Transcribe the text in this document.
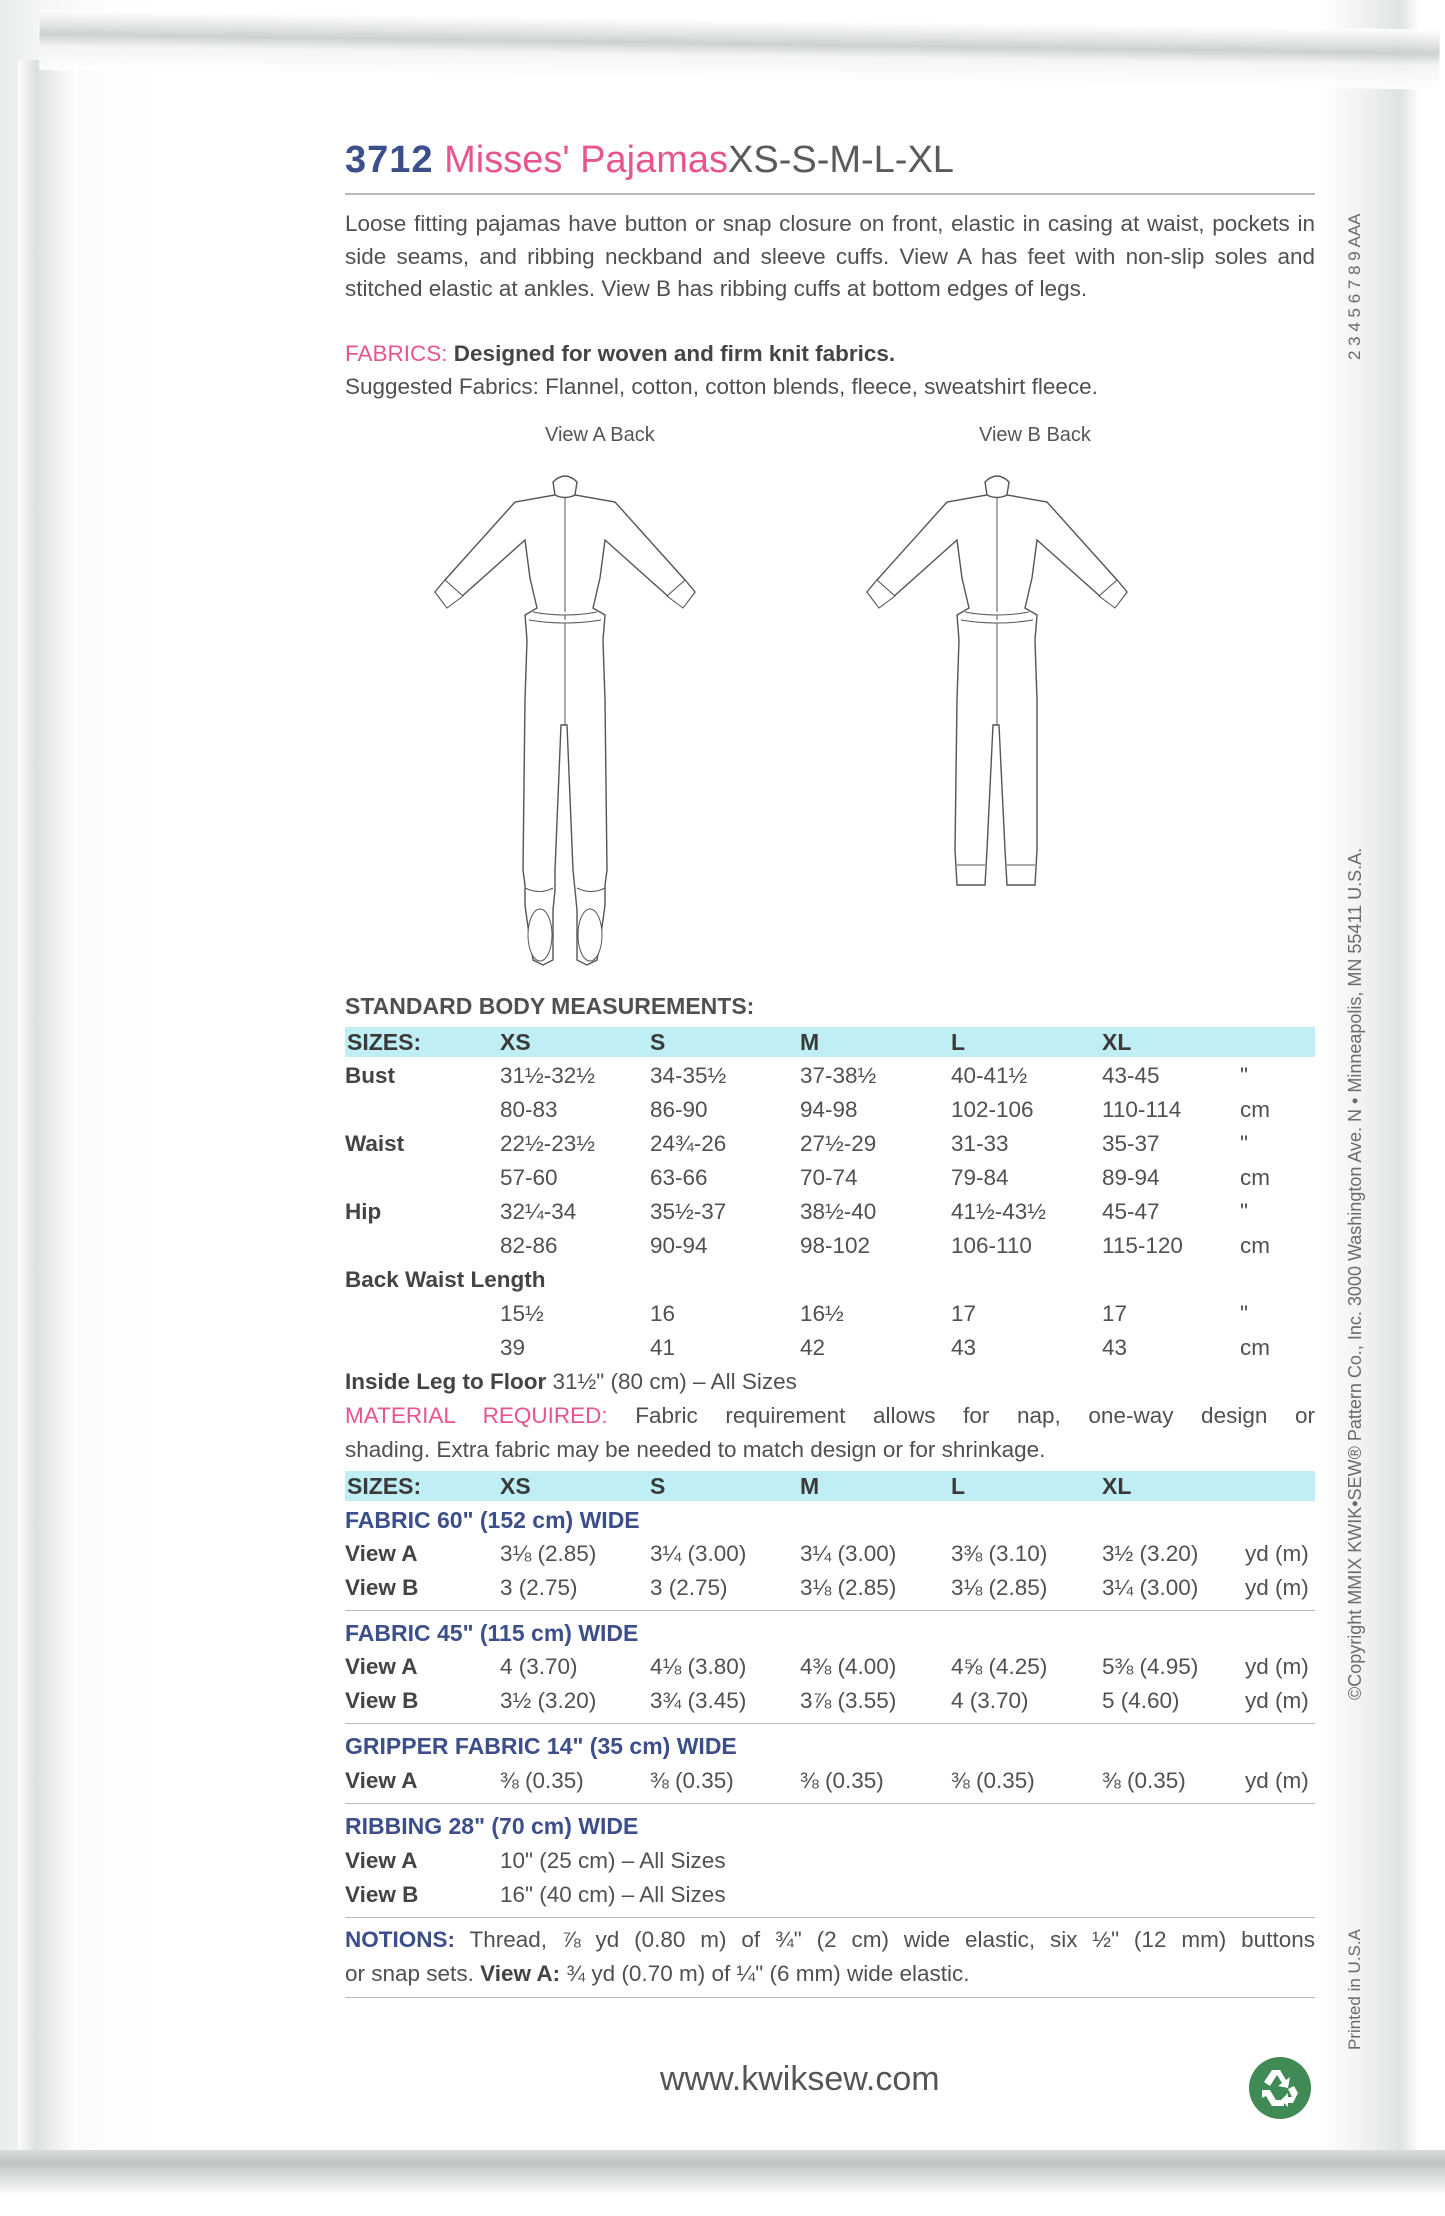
3712 Misses' PajamasXS-S-M-L-XL
Loose fitting pajamas have button or snap closure on front, elastic in casing at waist, pockets in side seams, and ribbing neckband and sleeve cuffs. View A has feet with non-slip soles and stitched elastic at ankles. View B has ribbing cuffs at bottom edges of legs.
FABRICS: Designed for woven and firm knit fabrics.
Suggested Fabrics: Flannel, cotton, cotton blends, fleece, sweatshirt fleece.
View A Back	View B Back
STANDARD BODY MEASUREMENTS:
SIZES:	XS	S	M	L	XL
Bust	31½-32½ 34-35½	37-38½	40-41½	43-45	"
80-83	86-90	94-98	102-106	110-114	cm
Waist	22½-23½ 24¾-26	27½-29	31-33	35-37	"
57-60	63-66	70-74	79-84	89-94	cm
Hip	32¼-34	35½-37	38½-40	41½-43½ 45-47	"
82-86	90-94	98-102	106-110	115-120	cm
Back Waist Length
15½	16	16½	17	17	"
39	41	42	43	43	cm
Inside Leg to Floor 31½" (80 cm) – All Sizes
MATERIAL REQUIRED: Fabric requirement allows for nap, one-way design or
shading. Extra fabric may be needed to match design or for shrinkage.
SIZES:	XS	S	M	L	XL
FABRIC 60" (152 cm) WIDE
View A	3⅛ (2.85) 3¼ (3.00) 3¼ (3.00) 3⅜ (3.10) 3½ (3.20) yd (m)
View B	3 (2.75)	3 (2.75)	3⅛ (2.85) 3⅛ (2.85) 3¼ (3.00) yd (m)
FABRIC 45" (115 cm) WIDE
View A	4 (3.70)	4⅛ (3.80) 4⅜ (4.00) 4⅝ (4.25) 5⅜ (4.95) yd (m)
View B	3½ (3.20) 3¾ (3.45) 3⅞ (3.55) 4 (3.70)	5 (4.60)	yd (m)
GRIPPER FABRIC 14" (35 cm) WIDE
View A	⅜ (0.35)	⅜ (0.35)	⅜ (0.35)	⅜ (0.35)	⅜ (0.35)	yd (m)
RIBBING 28" (70 cm) WIDE
View A	10" (25 cm) – All Sizes
View B	16" (40 cm) – All Sizes
NOTIONS: Thread, ⅞ yd (0.80 m) of ¾" (2 cm) wide elastic, six ½" (12 mm) buttons
or snap sets. View A: ¾ yd (0.70 m) of ¼" (6 mm) wide elastic.
www.kwiksew.com
2 3 4 5 6 7 8 9 AAA
©Copyright MMIX KWIK•SEW® Pattern Co., Inc. 3000 Washington Ave. N • Minneapolis, MN 55411 U.S.A.
Printed in U.S.A
